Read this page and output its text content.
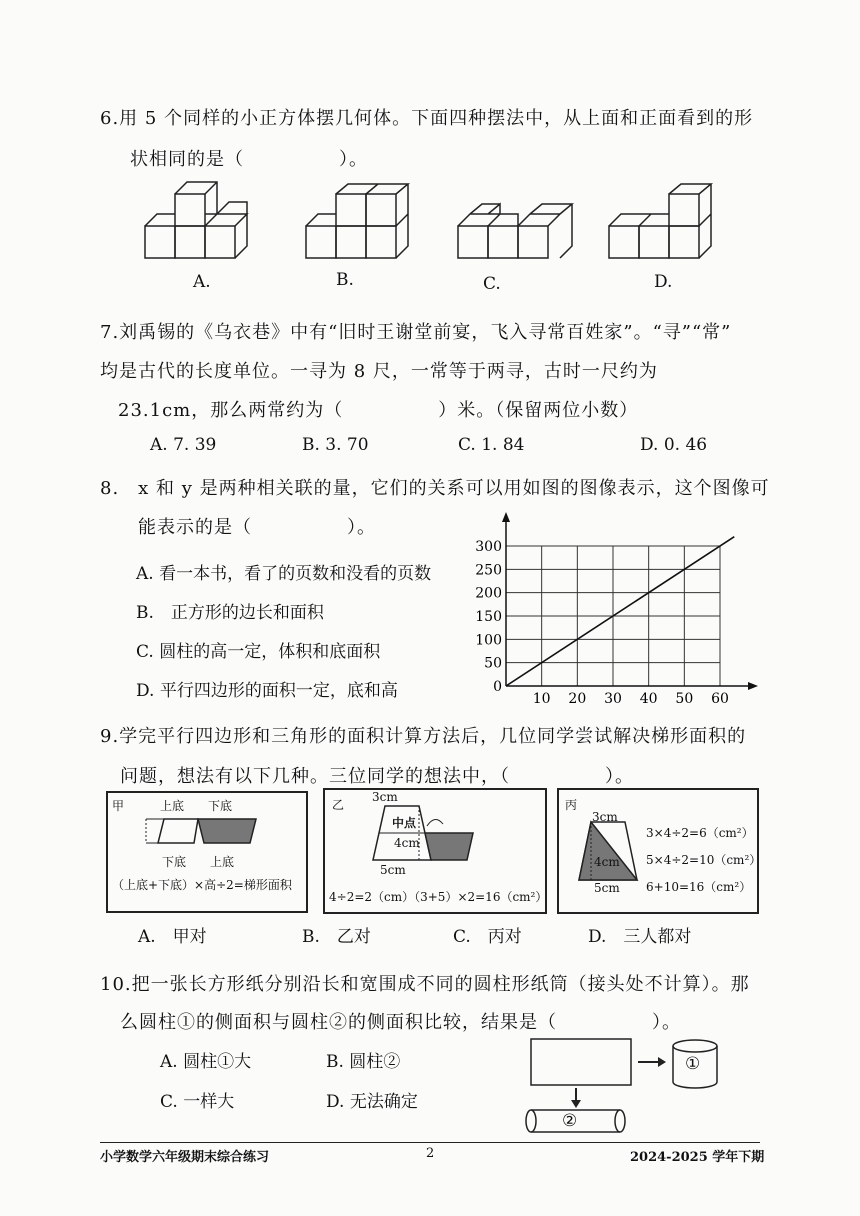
6.用 5 个同样的小正方体摆几何体。下面四种摆法中，从上面和正面看到的形
状相同的是（　　　　　）。
A.	B.	C.	D.
7.刘禹锡的《乌衣巷》中有“旧时王谢堂前宴，飞入寻常百姓家”。“寻”“常”
均是古代的长度单位。一寻为 8 尺，一常等于两寻，古时一尺约为
23.1cm，那么两常约为（　　　　　）米。（保留两位小数）
A. 7. 39	B. 3. 70	C. 1. 84	D. 0. 46
8.　x 和 y 是两种相关联的量，它们的关系可以用如图的图像表示，这个图像可
能表示的是（　　　　　）。
A. 看一本书，看了的页数和没看的页数
B.　正方形的边长和面积
C. 圆柱的高一定，体积和底面积
D. 平行四边形的面积一定，底和高	0
50
100
150
200
250
300
10 20 30 40 50 60
9.学完平行四边形和三角形的面积计算方法后，几位同学尝试解决梯形面积的
问题，想法有以下几种。三位同学的想法中，（　　　　　）。
甲	上底 下底
下底 上底
（上底+下底）×高÷2=梯形面积
乙
3cm
中点
4cm
5cm
4÷2=2（cm）（3+5）×2=16（cm²）
丙
3cm
4cm
5cm
3×4÷2=6（cm²）
5×4÷2=10（cm²）
6+10=16（cm²）
A.　甲对	B.　乙对	C.　丙对	D.　三人都对
10.把一张长方形纸分别沿长和宽围成不同的圆柱形纸筒（接头处不计算）。那
么圆柱①的侧面积与圆柱②的侧面积比较，结果是（　　　　　）。
A. 圆柱①大	B. 圆柱②
C. 一样大	D. 无法确定
①
②
小学数学六年级期末综合练习	2	2024-2025 学年下期
